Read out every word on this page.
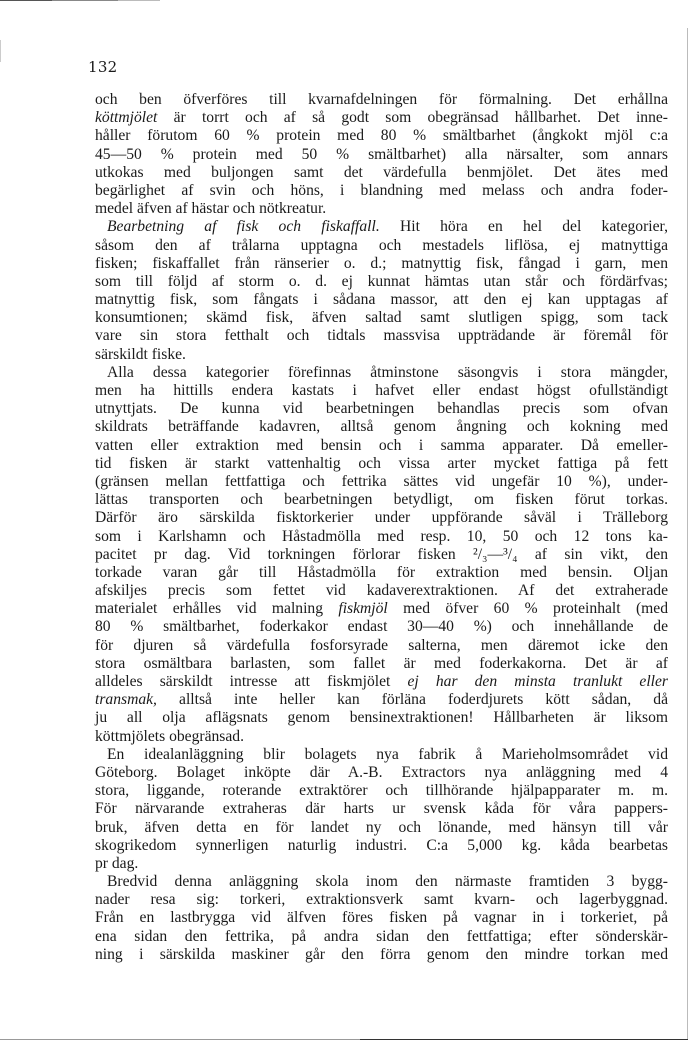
132
och ben öfverföres till kvarnafdelningen för förmalning. Det erhållna
köttmjölet är torrt och af så godt som obegränsad hållbarhet. Det inne-
håller förutom 60 % protein med 80 % smältbarhet (ångkokt mjöl c:a
45—50 % protein med 50 % smältbarhet) alla närsalter, som annars
utkokas med buljongen samt det värdefulla benmjölet. Det ätes med
begärlighet af svin och höns, i blandning med melass och andra foder-
medel äfven af hästar och nötkreatur.
Bearbetning af fisk och fiskaffall. Hit höra en hel del kategorier,
såsom den af trålarna upptagna och mestadels liflösa, ej matnyttiga
fisken; fiskaffallet från ränserier o. d.; matnyttig fisk, fångad i garn, men
som till följd af storm o. d. ej kunnat hämtas utan står och fördärfvas;
matnyttig fisk, som fångats i sådana massor, att den ej kan upptagas af
konsumtionen; skämd fisk, äfven saltad samt slutligen spigg, som tack
vare sin stora fetthalt och tidtals massvisa uppträdande är föremål för
särskildt fiske.
Alla dessa kategorier förefinnas åtminstone säsongvis i stora mängder,
men ha hittills endera kastats i hafvet eller endast högst ofullständigt
utnyttjats. De kunna vid bearbetningen behandlas precis som ofvan
skildrats beträffande kadavren, alltså genom ångning och kokning med
vatten eller extraktion med bensin och i samma apparater. Då emeller-
tid fisken är starkt vattenhaltig och vissa arter mycket fattiga på fett
(gränsen mellan fettfattiga och fettrika sättes vid ungefär 10 %), under-
lättas transporten och bearbetningen betydligt, om fisken förut torkas.
Därför äro särskilda fisktorkerier under uppförande såväl i Trälleborg
som i Karlshamn och Håstadmölla med resp. 10, 50 och 12 tons ka-
pacitet pr dag. Vid torkningen förlorar fisken ²/₃—³/₄ af sin vikt, den
torkade varan går till Håstadmölla för extraktion med bensin. Oljan
afskiljes precis som fettet vid kadaverextraktionen. Af det extraherade
materialet erhålles vid malning fiskmjöl med öfver 60 % proteinhalt (med
80 % smältbarhet, foderkakor endast 30—40 %) och innehållande de
för djuren så värdefulla fosforsyrade salterna, men däremot icke den
stora osmältbara barlasten, som fallet är med foderkakorna. Det är af
alldeles särskildt intresse att fiskmjölet ej har den minsta tranlukt eller
transmak, alltså inte heller kan förläna foderdjurets kött sådan, då
ju all olja aflägsnats genom bensinextraktionen! Hållbarheten är liksom
köttmjölets obegränsad.
En idealanläggning blir bolagets nya fabrik å Marieholmsområdet vid
Göteborg. Bolaget inköpte där A.-B. Extractors nya anläggning med 4
stora, liggande, roterande extraktörer och tillhörande hjälpapparater m. m.
För närvarande extraheras där harts ur svensk kåda för våra pappers-
bruk, äfven detta en för landet ny och lönande, med hänsyn till vår
skogrikedom synnerligen naturlig industri. C:a 5,000 kg. kåda bearbetas
pr dag.
Bredvid denna anläggning skola inom den närmaste framtiden 3 bygg-
nader resa sig: torkeri, extraktionsverk samt kvarn- och lagerbyggnad.
Från en lastbrygga vid älfven föres fisken på vagnar in i torkeriet, på
ena sidan den fettrika, på andra sidan den fettfattiga; efter sönderskär-
ning i särskilda maskiner går den förra genom den mindre torkan med
